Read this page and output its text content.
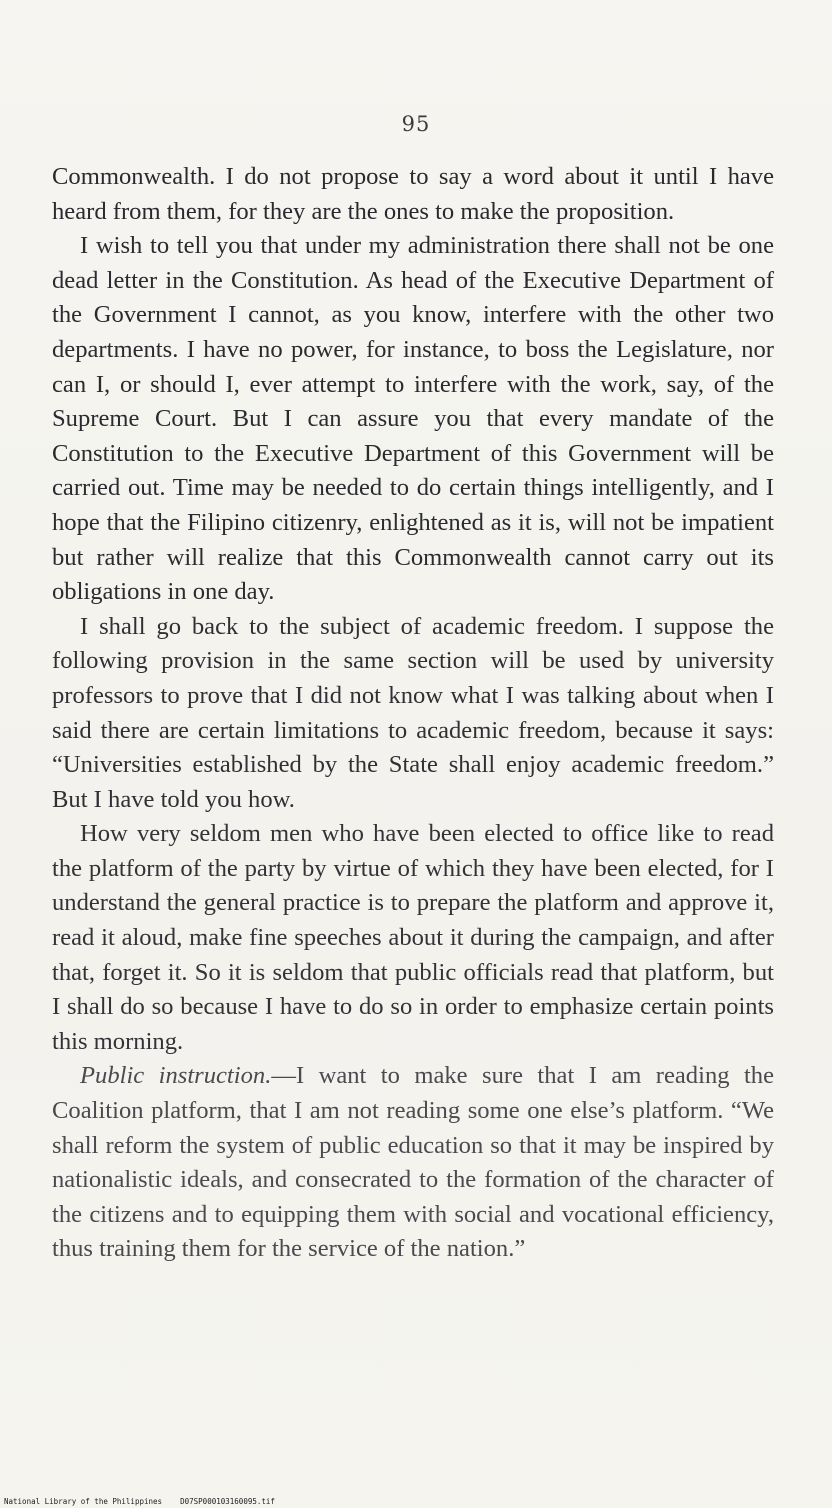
95

Commonwealth. I do not propose to say a word about it until I have heard from them, for they are the ones to make the proposition.

I wish to tell you that under my administration there shall not be one dead letter in the Constitution. As head of the Executive Department of the Government I cannot, as you know, interfere with the other two departments. I have no power, for instance, to boss the Legislature, nor can I, or should I, ever attempt to interfere with the work, say, of the Supreme Court. But I can assure you that every mandate of the Constitution to the Executive Department of this Government will be carried out. Time may be needed to do certain things intelligently, and I hope that the Filipino citizenry, enlightened as it is, will not be impatient but rather will realize that this Commonwealth cannot carry out its obligations in one day.

I shall go back to the subject of academic freedom. I suppose the following provision in the same section will be used by university professors to prove that I did not know what I was talking about when I said there are certain limitations to academic freedom, because it says: “Universities established by the State shall enjoy academic freedom.” But I have told you how.

How very seldom men who have been elected to office like to read the platform of the party by virtue of which they have been elected, for I understand the general practice is to prepare the platform and approve it, read it aloud, make fine speeches about it during the campaign, and after that, forget it. So it is seldom that public officials read that platform, but I shall do so because I have to do so in order to emphasize certain points this morning.

Public instruction.—I want to make sure that I am reading the Coalition platform, that I am not reading some one else’s platform. “We shall reform the system of public education so that it may be inspired by nationalistic ideals, and consecrated to the formation of the character of the citizens and to equipping them with social and vocational efficiency, thus training them for the service of the nation.”

National Library of the Philippines D07SP000103160095.tif
